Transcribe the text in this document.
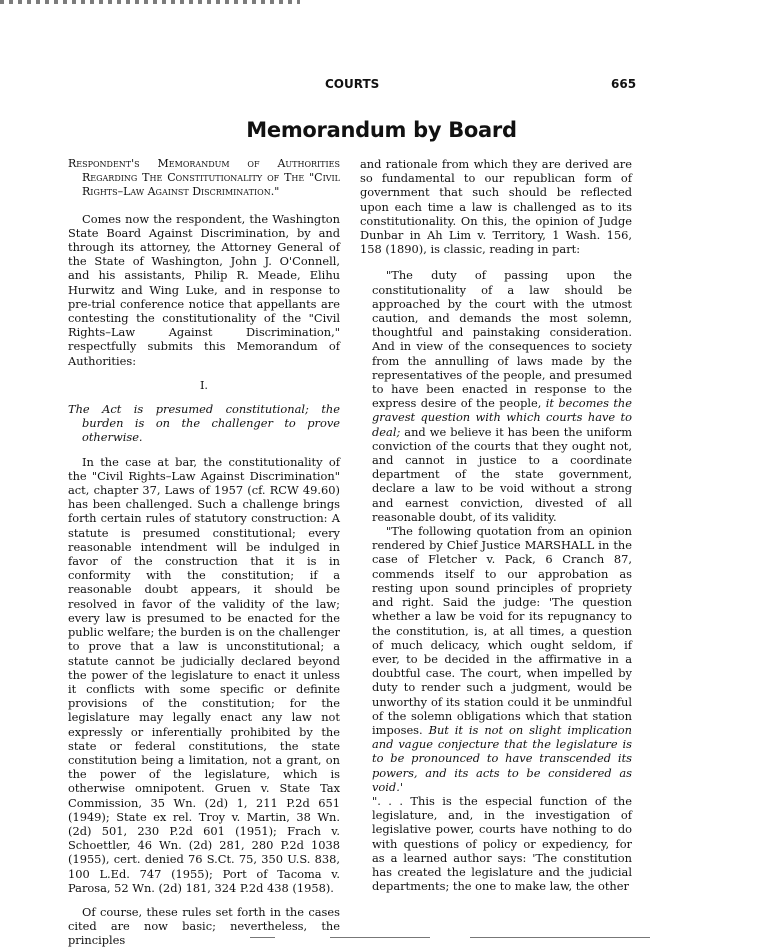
COURTS	665
Memorandum by Board

Respondent's Memorandum of Authorities Regarding The Constitutionality of The "Civil Rights–Law Against Discrimination."

Comes now the respondent, the Washington State Board Against Discrimination, by and through its attorney, the Attorney General of the State of Washington, John J. O'Connell, and his assistants, Philip R. Meade, Elihu Hurwitz and Wing Luke, and in response to pre-trial conference notice that appellants are contesting the constitutionality of the "Civil Rights–Law Against Discrimination," respectfully submits this Memorandum of Authorities:

I.

The Act is presumed constitutional; the burden is on the challenger to prove otherwise.

In the case at bar, the constitutionality of the "Civil Rights–Law Against Discrimination" act, chapter 37, Laws of 1957 (cf. RCW 49.60) has been challenged. Such a challenge brings forth certain rules of statutory construction: A statute is presumed constitutional; every reasonable intendment will be indulged in favor of the construction that it is in conformity with the constitution; if a reasonable doubt appears, it should be resolved in favor of the validity of the law; every law is presumed to be enacted for the public welfare; the burden is on the challenger to prove that a law is unconstitutional; a statute cannot be judicially declared beyond the power of the legislature to enact it unless it conflicts with some specific or definite provisions of the constitution; for the legislature may legally enact any law not expressly or inferentially prohibited by the state or federal constitutions, the state constitution being a limitation, not a grant, on the power of the legislature, which is otherwise omnipotent. Gruen v. State Tax Commission, 35 Wn. (2d) 1, 211 P.2d 651 (1949); State ex rel. Troy v. Martin, 38 Wn. (2d) 501, 230 P.2d 601 (1951); Frach v. Schoettler, 46 Wn. (2d) 281, 280 P.2d 1038 (1955), cert. denied 76 S.Ct. 75, 350 U.S. 838, 100 L.Ed. 747 (1955); Port of Tacoma v. Parosa, 52 Wn. (2d) 181, 324 P.2d 438 (1958).

Of course, these rules set forth in the cases cited are now basic; nevertheless, the principles

and rationale from which they are derived are so fundamental to our republican form of government that such should be reflected upon each time a law is challenged as to its constitutionality. On this, the opinion of Judge Dunbar in Ah Lim v. Territory, 1 Wash. 156, 158 (1890), is classic, reading in part:

"The duty of passing upon the constitutionality of a law should be approached by the court with the utmost caution, and demands the most solemn, thoughtful and painstaking consideration. And in view of the consequences to society from the annulling of laws made by the representatives of the people, and presumed to have been enacted in response to the express desire of the people, it becomes the gravest question with which courts have to deal; and we believe it has been the uniform conviction of the courts that they ought not, and cannot in justice to a coordinate department of the state government, declare a law to be void without a strong and earnest conviction, divested of all reasonable doubt, of its validity.

"The following quotation from an opinion rendered by Chief Justice MARSHALL in the case of Fletcher v. Pack, 6 Cranch 87, commends itself to our approbation as resting upon sound principles of propriety and right. Said the judge: 'The question whether a law be void for its repugnancy to the constitution, is, at all times, a question of much delicacy, which ought seldom, if ever, to be decided in the affirmative in a doubtful case. The court, when impelled by duty to render such a judgment, would be unworthy of its station could it be unmindful of the solemn obligations which that station imposes. But it is not on slight implication and vague conjecture that the legislature is to be pronounced to have transcended its powers, and its acts to be considered as void.'

". . . This is the especial function of the legislature, and, in the investigation of legislative power, courts have nothing to do with questions of policy or expediency, for as a learned author says: 'The constitution has created the legislature and the judicial departments; the one to make law, the other
